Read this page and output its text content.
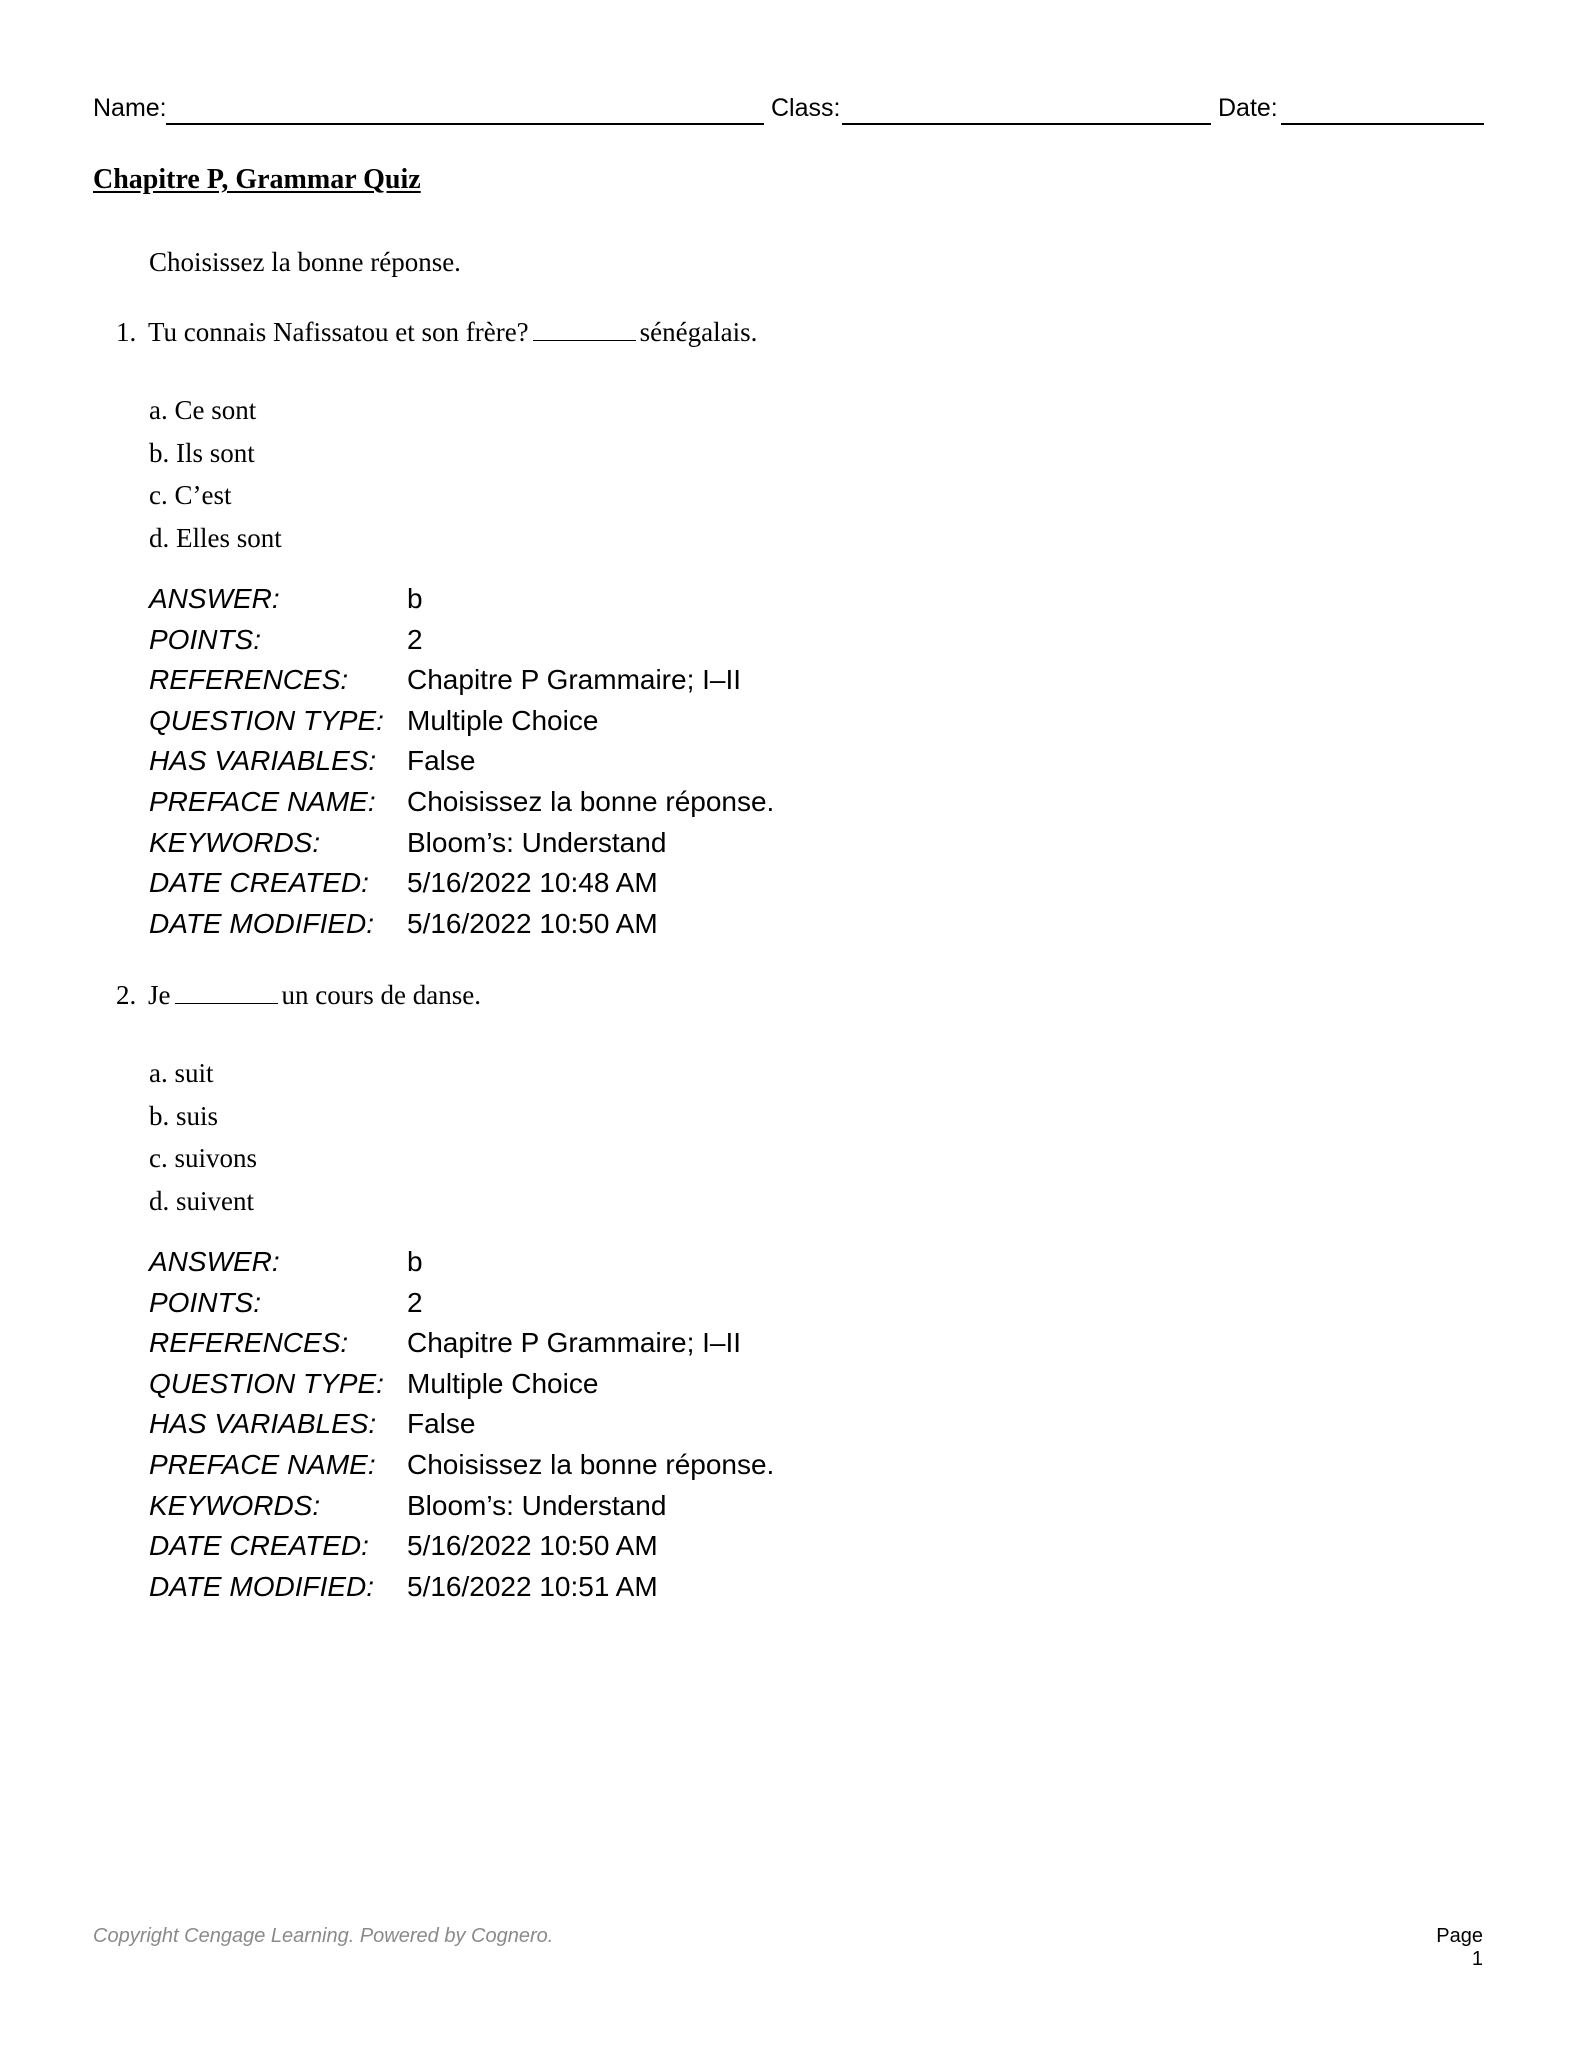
Name:	Class:	Date:
Chapitre P, Grammar Quiz
Choisissez la bonne réponse.
1. Tu connais Nafissatou et son frère?	sénégalais.
a. Ce sont
b. Ils sont
c. C’est
d. Elles sont
ANSWER:	b
POINTS:	2
REFERENCES: Chapitre P Grammaire; I–II
QUESTION TYPE: Multiple Choice
HAS VARIABLES: False
PREFACE NAME: Choisissez la bonne réponse.
KEYWORDS:	Bloom’s: Understand
DATE CREATED: 5/16/2022 10:48 AM
DATE MODIFIED: 5/16/2022 10:50 AM
2. Je	un cours de danse.
a. suit
b. suis
c. suivons
d. suivent
ANSWER:	b
POINTS:	2
REFERENCES: Chapitre P Grammaire; I–II
QUESTION TYPE: Multiple Choice
HAS VARIABLES: False
PREFACE NAME: Choisissez la bonne réponse.
KEYWORDS:	Bloom’s: Understand
DATE CREATED: 5/16/2022 10:50 AM
DATE MODIFIED: 5/16/2022 10:51 AM
Copyright Cengage Learning. Powered by Cognero.	Page 1
